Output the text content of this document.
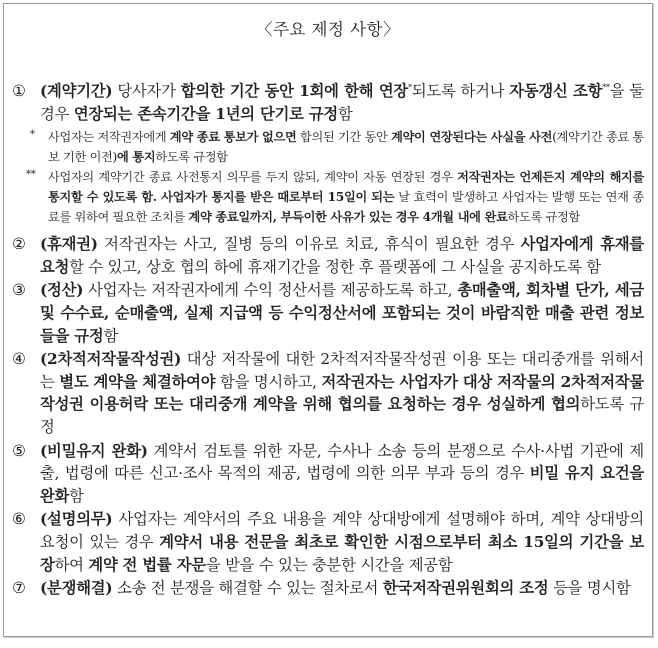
〈주요 제정 사항〉
① (계약기간) 당사자가 합의한 기간 동안 1회에 한해 연장*되도록 하거나 자동갱신 조항**을 둘 경우 연장되는 존속기간을 1년의 단기로 규정함
* 사업자는 저작권자에게 계약 종료 통보가 없으면 합의된 기간 동안 계약이 연장된다는 사실을 사전(계약기간 종료 통보 기한 이전)에 통지하도록 규정함
** 사업자의 계약기간 종료 사전통지 의무를 두지 않되, 계약이 자동 연장된 경우 저작권자는 언제든지 계약의 해지를 통지할 수 있도록 함. 사업자가 통지를 받은 때로부터 15일이 되는 날 효력이 발생하고 사업자는 발행 또는 연재 종료를 위하여 필요한 조치를 계약 종료일까지, 부득이한 사유가 있는 경우 4개월 내에 완료하도록 규정함
② (휴재권) 저작권자는 사고, 질병 등의 이유로 치료, 휴식이 필요한 경우 사업자에게 휴재를 요청할 수 있고, 상호 협의 하에 휴재기간을 정한 후 플랫폼에 그 사실을 공지하도록 함
③ (정산) 사업자는 저작권자에게 수익 정산서를 제공하도록 하고, 총매출액, 회차별 단가, 세금 및 수수료, 순매출액, 실제 지급액 등 수익정산서에 포함되는 것이 바람직한 매출 관련 정보들을 규정함
④ (2차적저작물작성권) 대상 저작물에 대한 2차적저작물작성권 이용 또는 대리중개를 위해서는 별도 계약을 체결하여야 함을 명시하고, 저작권자는 사업자가 대상 저작물의 2차적저작물작성권 이용허락 또는 대리중개 계약을 위해 협의를 요청하는 경우 성실하게 협의하도록 규정
⑤ (비밀유지 완화) 계약서 검토를 위한 자문, 수사나 소송 등의 분쟁으로 수사·사법 기관에 제출, 법령에 따른 신고·조사 목적의 제공, 법령에 의한 의무 부과 등의 경우 비밀 유지 요건을 완화함
⑥ (설명의무) 사업자는 계약서의 주요 내용을 계약 상대방에게 설명해야 하며, 계약 상대방의 요청이 있는 경우 계약서 내용 전문을 최초로 확인한 시점으로부터 최소 15일의 기간을 보장하여 계약 전 법률 자문을 받을 수 있는 충분한 시간을 제공함
⑦ (분쟁해결) 소송 전 분쟁을 해결할 수 있는 절차로서 한국저작권위원회의 조정 등을 명시함
